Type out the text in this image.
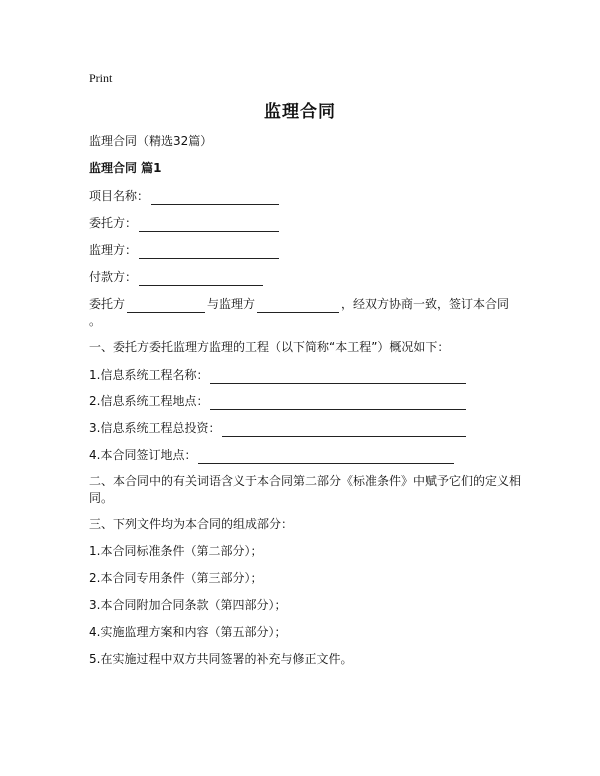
Print
监理合同
监理合同（精选32篇）
监理合同 篇1
项目名称：
委托方：
监理方：
付款方：
委托方	与监理方	，经双方协商一致，签订本合同
。
一、委托方委托监理方监理的工程（以下简称“本工程”）概况如下：
1.信息系统工程名称：
2.信息系统工程地点：
3.信息系统工程总投资：
4.本合同签订地点：
二、本合同中的有关词语含义于本合同第二部分《标准条件》中赋予它们的定义相
同。
三、下列文件均为本合同的组成部分：
1.本合同标准条件（第二部分）；
2.本合同专用条件（第三部分）；
3.本合同附加合同条款（第四部分）；
4.实施监理方案和内容（第五部分）；
5.在实施过程中双方共同签署的补充与修正文件。
